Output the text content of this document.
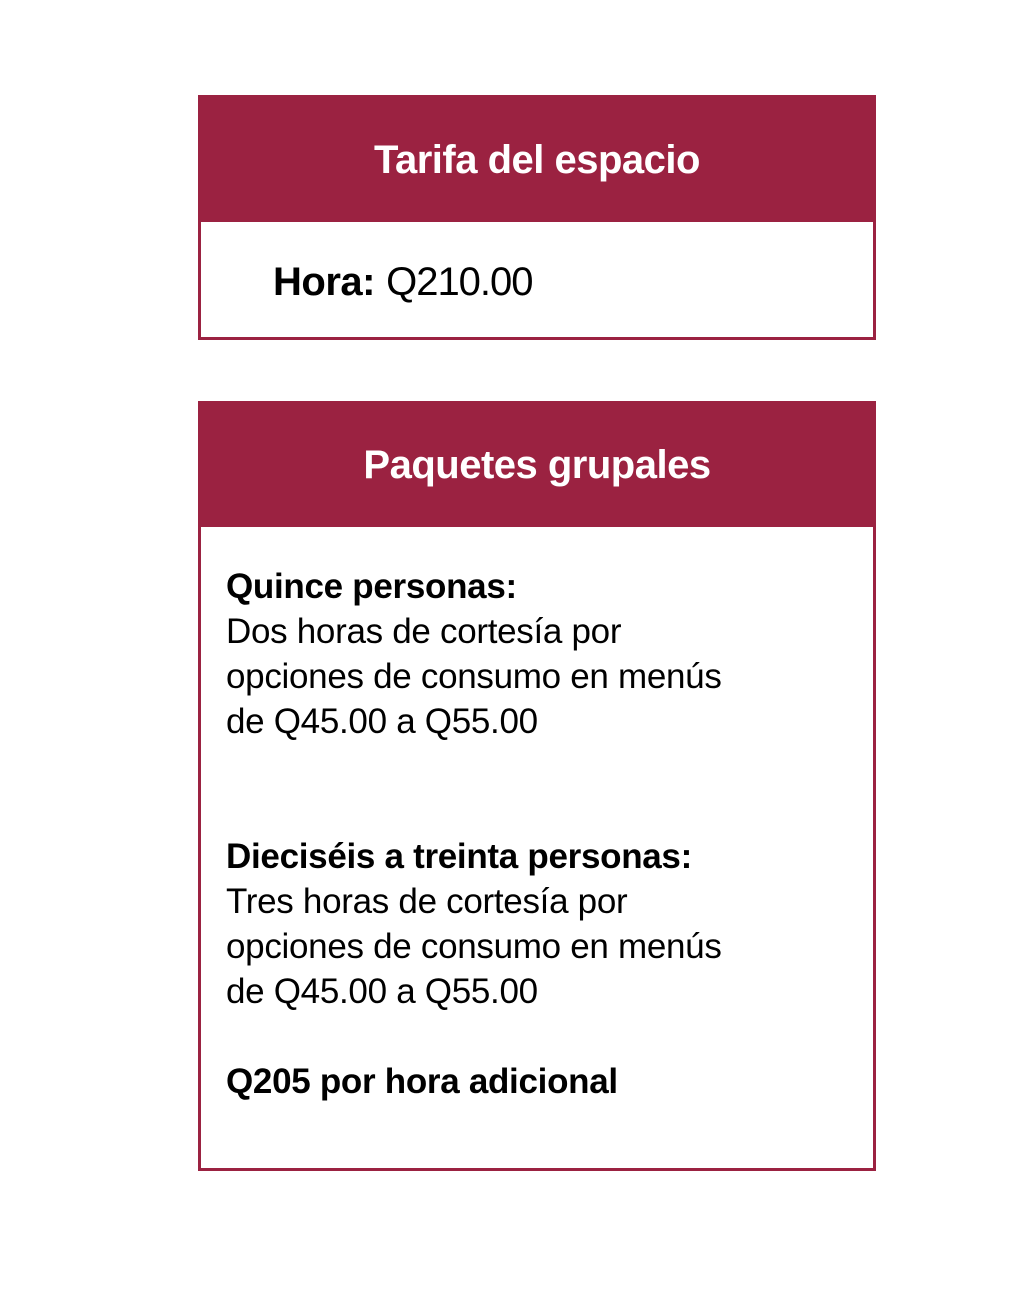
Tarifa del espacio
Hora: Q210.00
Paquetes grupales
Quince personas:
Dos horas de cortesía por
opciones de consumo en menús
de Q45.00 a Q55.00
Dieciséis a treinta personas:
Tres horas de cortesía por
opciones de consumo en menús
de Q45.00 a Q55.00
Q205 por hora adicional
